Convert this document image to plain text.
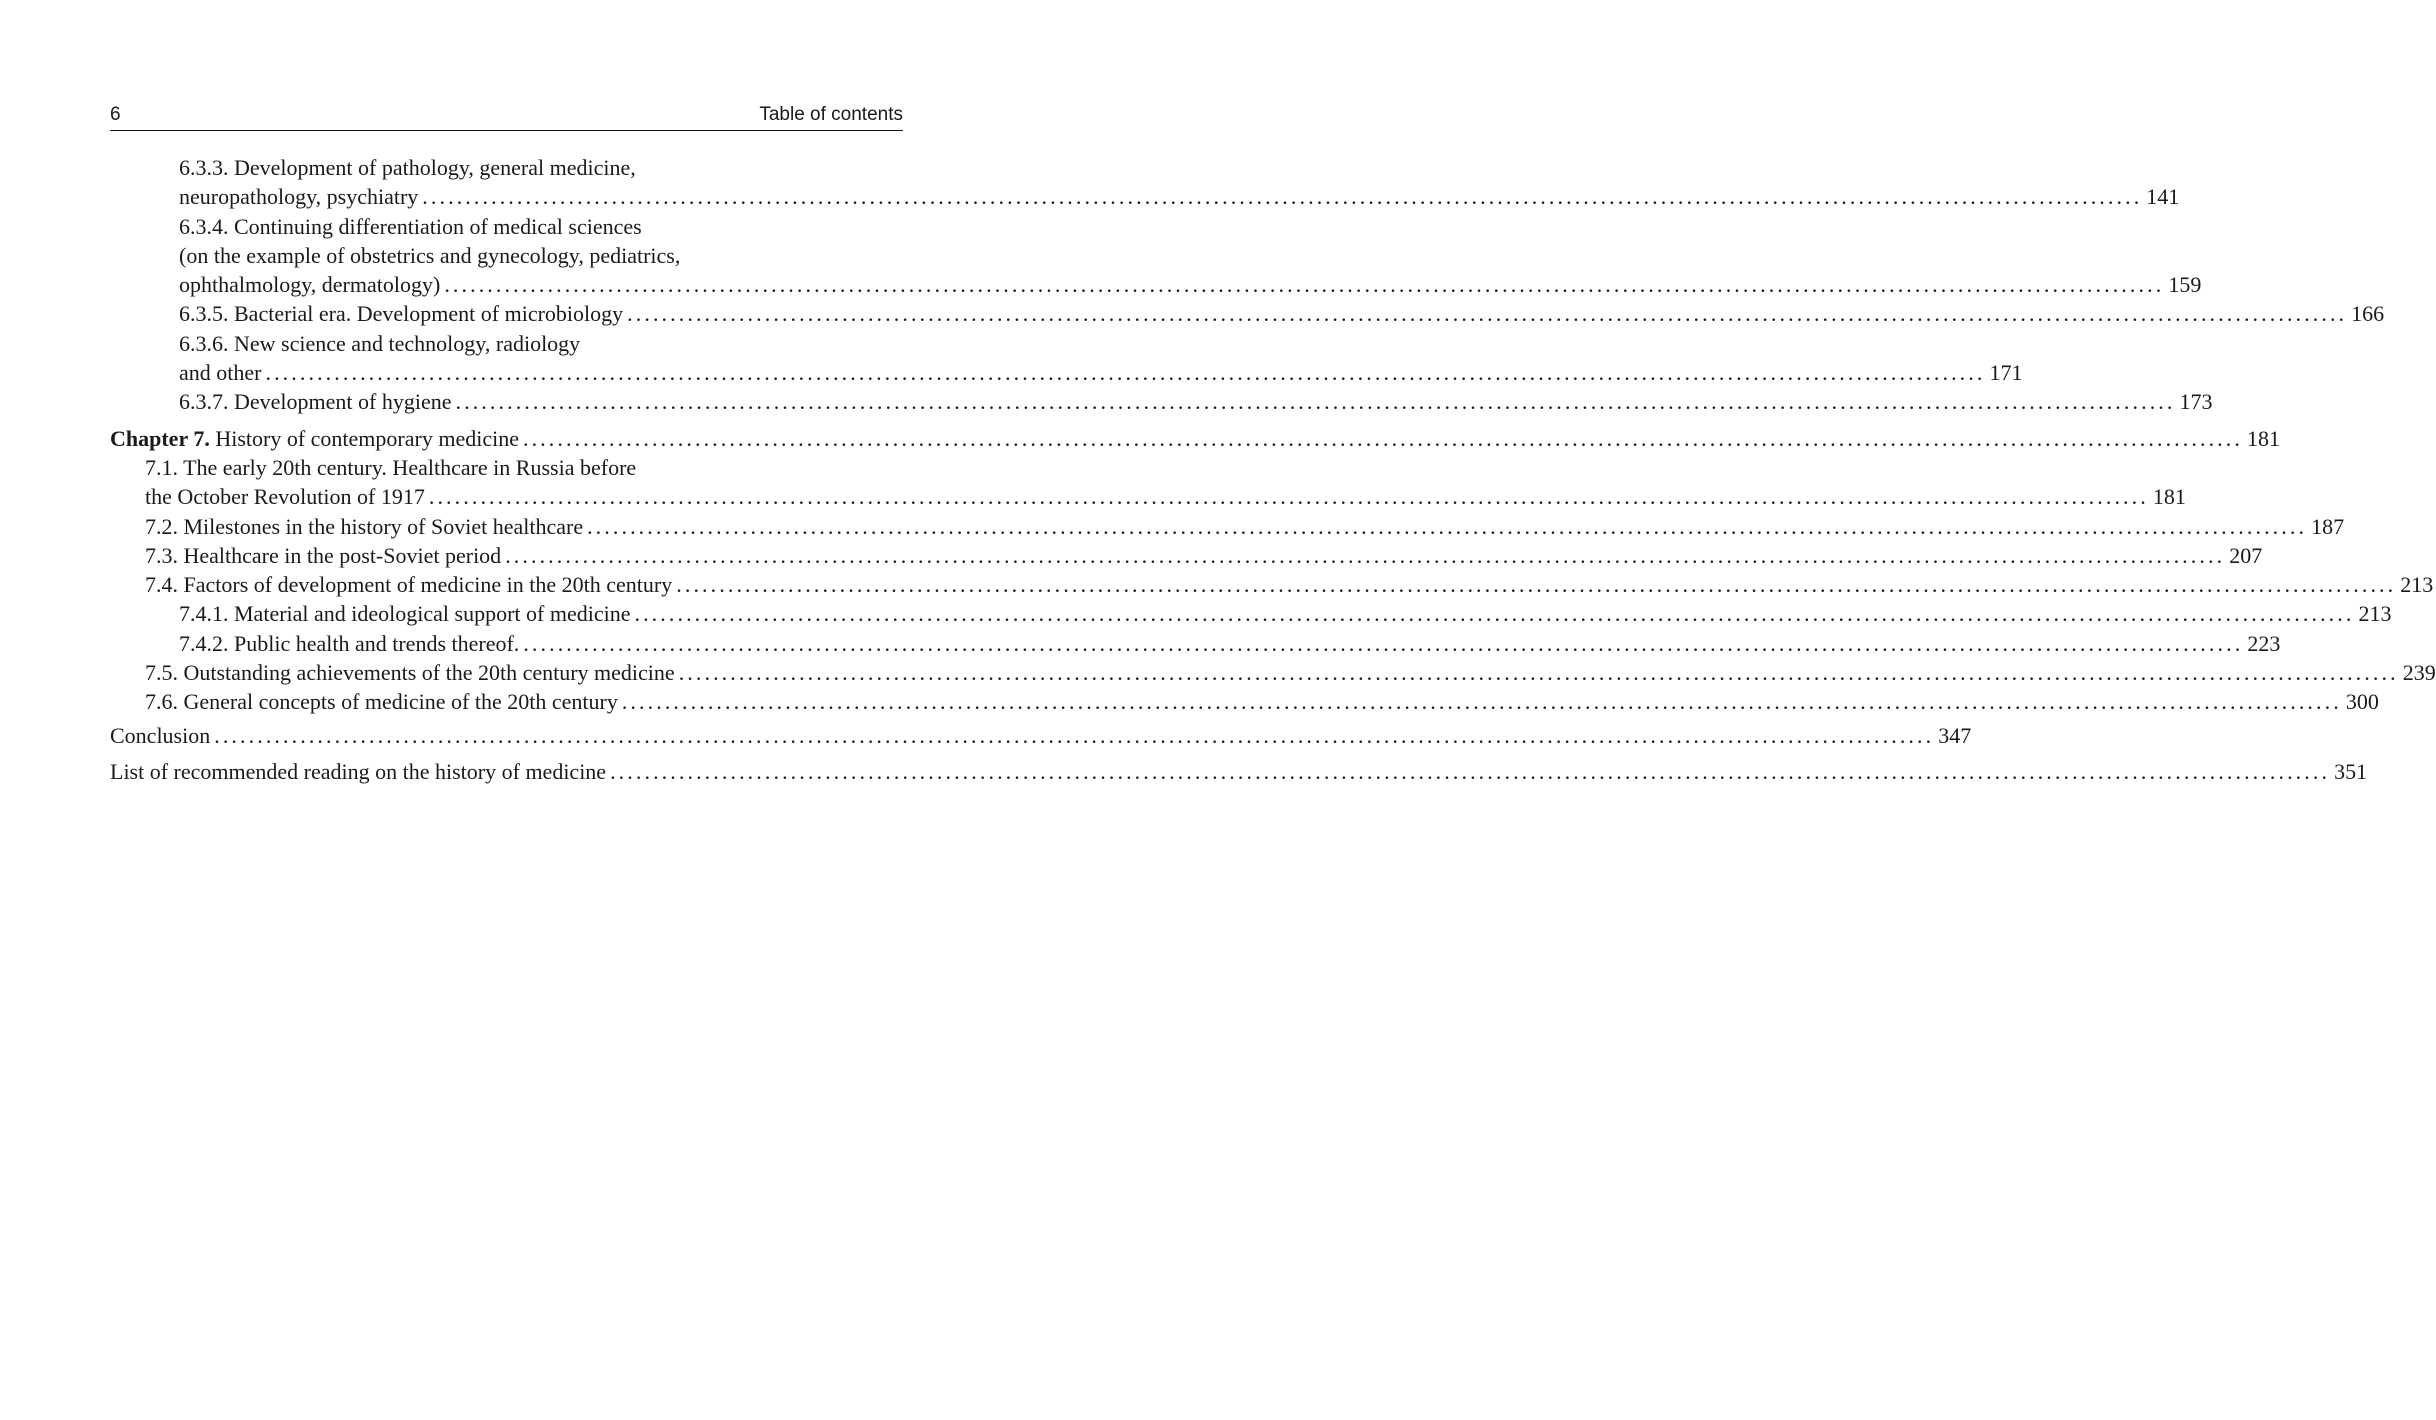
6	Table of contents
6.3.3. Development of pathology, general medicine,
neuropathology, psychiatry ........................................................................................................................................................................................................ 141
6.3.4. Continuing differentiation of medical sciences
(on the example of obstetrics and gynecology, pediatrics,
ophthalmology, dermatology) ........................................................................................................................................................................................................ 159
6.3.5. Bacterial era. Development of microbiology ........................................................................................................................................................................................................ 166
6.3.6. New science and technology, radiology
and other ........................................................................................................................................................................................................ 171
6.3.7. Development of hygiene ........................................................................................................................................................................................................ 173
Chapter 7. History of contemporary medicine ........................................................................................................................................................................................................ 181
7.1. The early 20th century. Healthcare in Russia before
the October Revolution of 1917 ........................................................................................................................................................................................................ 181
7.2. Milestones in the history of Soviet healthcare ........................................................................................................................................................................................................ 187
7.3. Healthcare in the post-Soviet period ........................................................................................................................................................................................................ 207
7.4. Factors of development of medicine in the 20th century ........................................................................................................................................................................................................ 213
7.4.1. Material and ideological support of medicine ........................................................................................................................................................................................................ 213
7.4.2. Public health and trends thereof. ........................................................................................................................................................................................................ 223
7.5. Outstanding achievements of the 20th century medicine ........................................................................................................................................................................................................ 239
7.6. General concepts of medicine of the 20th century ........................................................................................................................................................................................................ 300
Conclusion ........................................................................................................................................................................................................ 347
List of recommended reading on the history of medicine ........................................................................................................................................................................................................ 351
